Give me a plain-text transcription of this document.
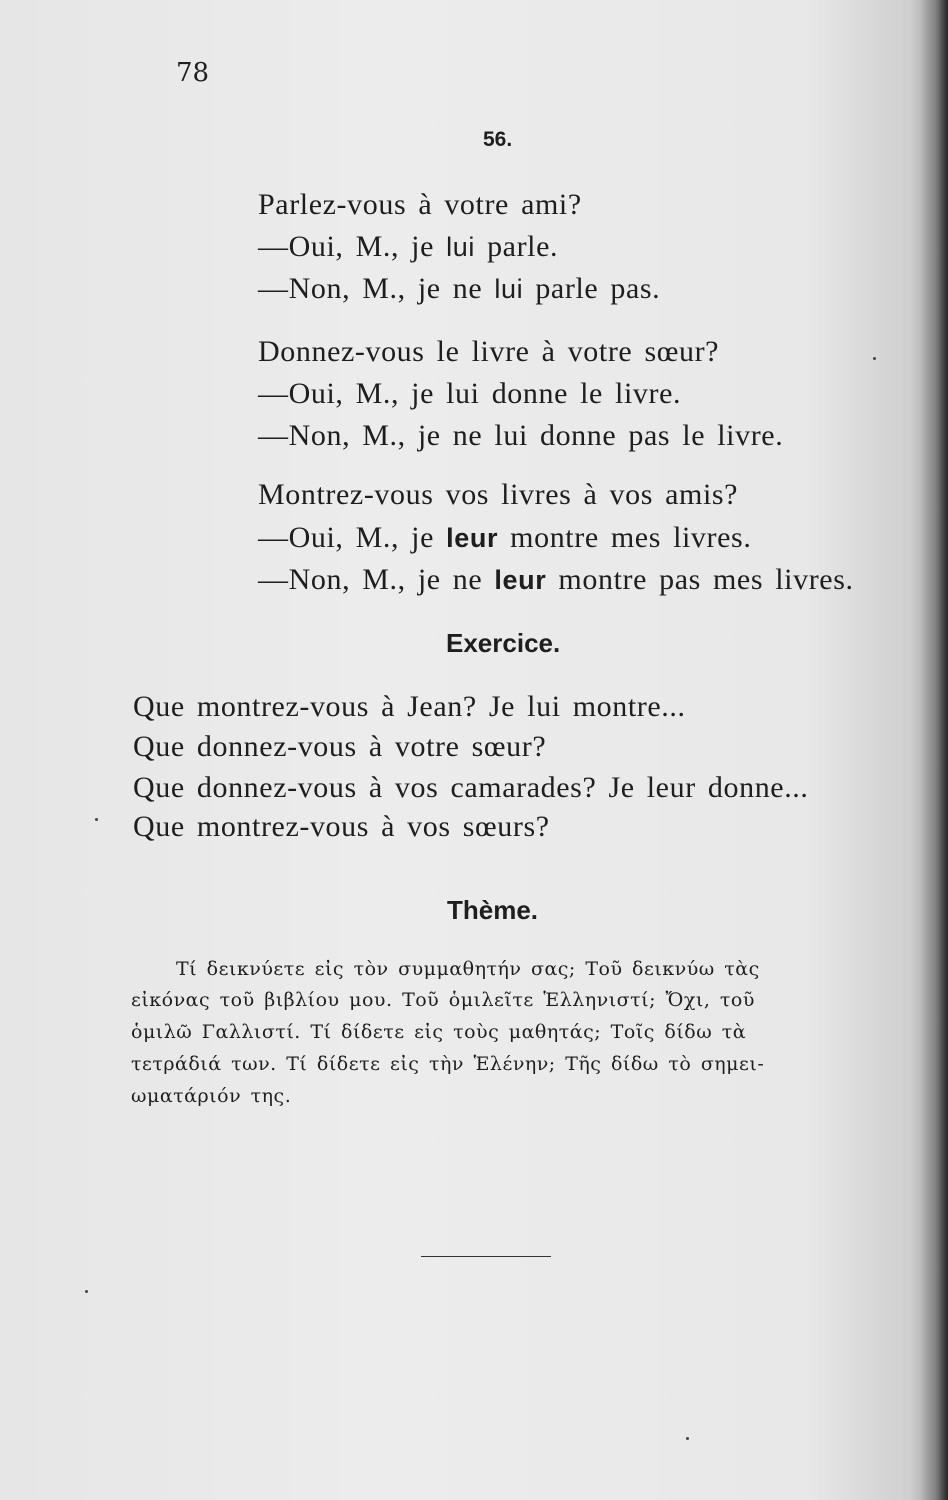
78
56.
Parlez-vous à votre ami?
—Oui, M., je lui parle.
—Non, M., je ne lui parle pas.
Donnez-vous le livre à votre sœur?
—Oui, M., je lui donne le livre.
—Non, M., je ne lui donne pas le livre.
Montrez-vous vos livres à vos amis?
—Oui, M., je leur montre mes livres.
—Non, M., je ne leur montre pas mes livres.
Exercice.
Que montrez-vous à Jean? Je lui montre...
Que donnez-vous à votre sœur?
Que donnez-vous à vos camarades? Je leur donne...
Que montrez-vous à vos sœurs?
Thème.
Τί δεικνύετε εἰς τὸν συμμαθητήν σας; Τοῦ δεικνύω τὰς
εἰκόνας τοῦ βιβλίου μου. Τοῦ ὁμιλεῖτε Ἑλληνιστί; Ὄχι, τοῦ
ὁμιλῶ Γαλλιστί. Τί δίδετε εἰς τοὺς μαθητάς; Τοῖς δίδω τὰ
τετράδιά των. Τί δίδετε εἰς τὴν Ἑλένην; Τῆς δίδω τὸ σημει-
ωματάριόν της.
